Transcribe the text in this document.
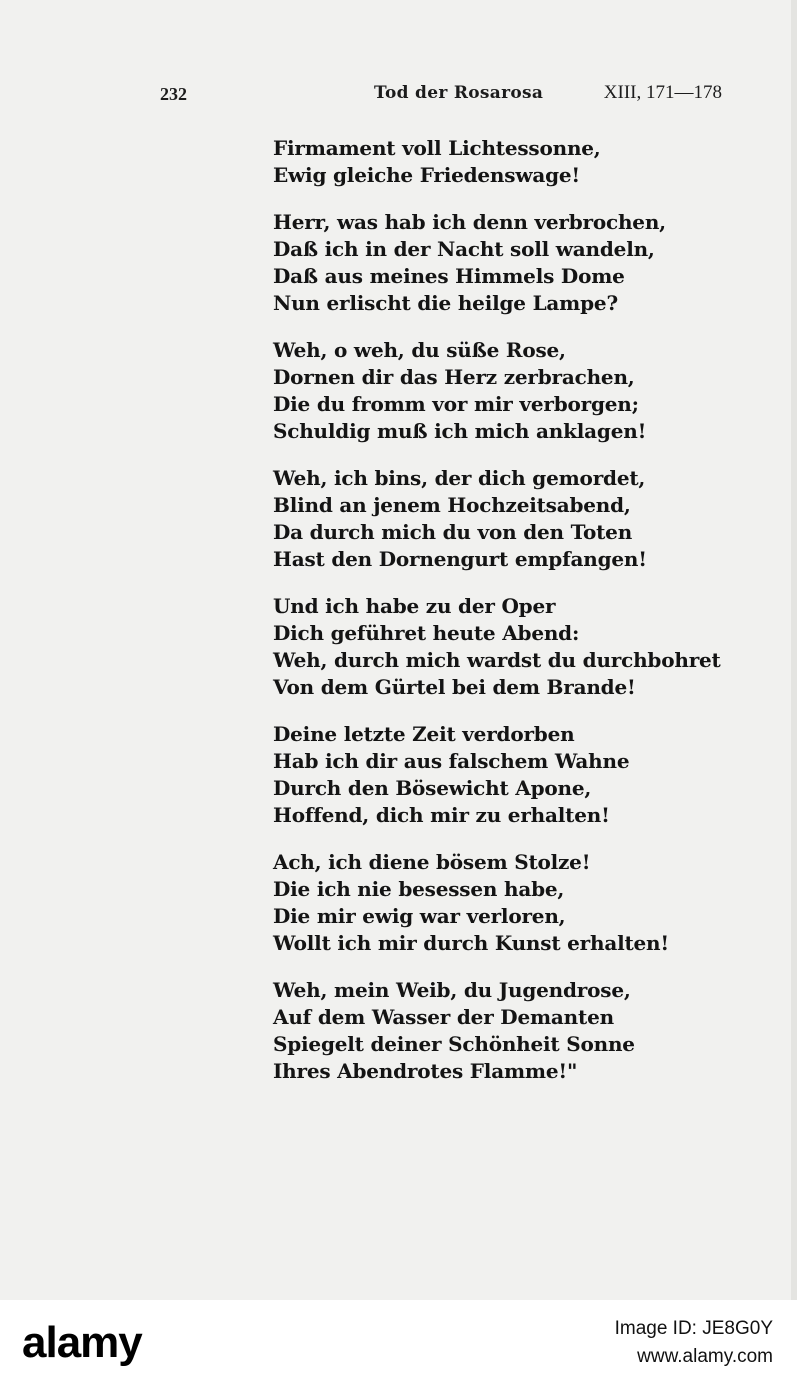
232	Tod der Rosarosa	XIII, 171—178
Firmament voll Lichtessonne,
Ewig gleiche Friedenswage!
Herr, was hab ich denn verbrochen,
Daß ich in der Nacht soll wandeln,
Daß aus meines Himmels Dome
Nun erlischt die heilge Lampe?
Weh, o weh, du süße Rose,
Dornen dir das Herz zerbrachen,
Die du fromm vor mir verborgen;
Schuldig muß ich mich anklagen!
Weh, ich bins, der dich gemordet,
Blind an jenem Hochzeitsabend,
Da durch mich du von den Toten
Hast den Dornengurt empfangen!
Und ich habe zu der Oper
Dich geführet heute Abend:
Weh, durch mich wardst du durchbohret
Von dem Gürtel bei dem Brande!
Deine letzte Zeit verdorben
Hab ich dir aus falschem Wahne
Durch den Bösewicht Apone,
Hoffend, dich mir zu erhalten!
Ach, ich diene bösem Stolze!
Die ich nie besessen habe,
Die mir ewig war verloren,
Wollt ich mir durch Kunst erhalten!
Weh, mein Weib, du Jugendrose,
Auf dem Wasser der Demanten
Spiegelt deiner Schönheit Sonne
Ihres Abendrotes Flamme!"
alamy	Image ID: JE8G0Y
www.alamy.com
